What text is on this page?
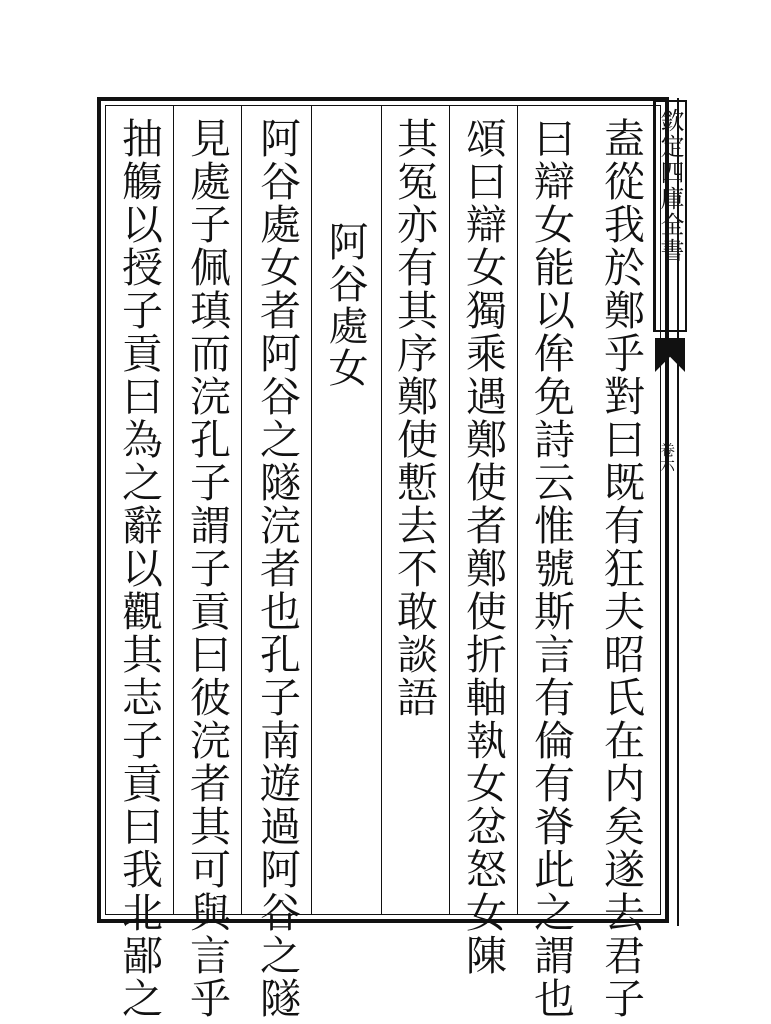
欽定四庫全書
卷六
盍從我於鄭乎對曰既有狂夫昭氏在内矣遂去君子
曰辯女能以侔免詩云惟號斯言有倫有脊此之謂也
頌曰辯女獨乘遇鄭使者鄭使折軸執女忿怒女陳
其冤亦有其序鄭使慙去不敢談語
阿谷處女
阿谷處女者阿谷之隧浣者也孔子南遊過阿谷之隧
見處子佩瑱而浣孔子謂子貢曰彼浣者其可與言乎
抽觴以授子貢曰為之辭以觀其志子貢曰我北鄙之
